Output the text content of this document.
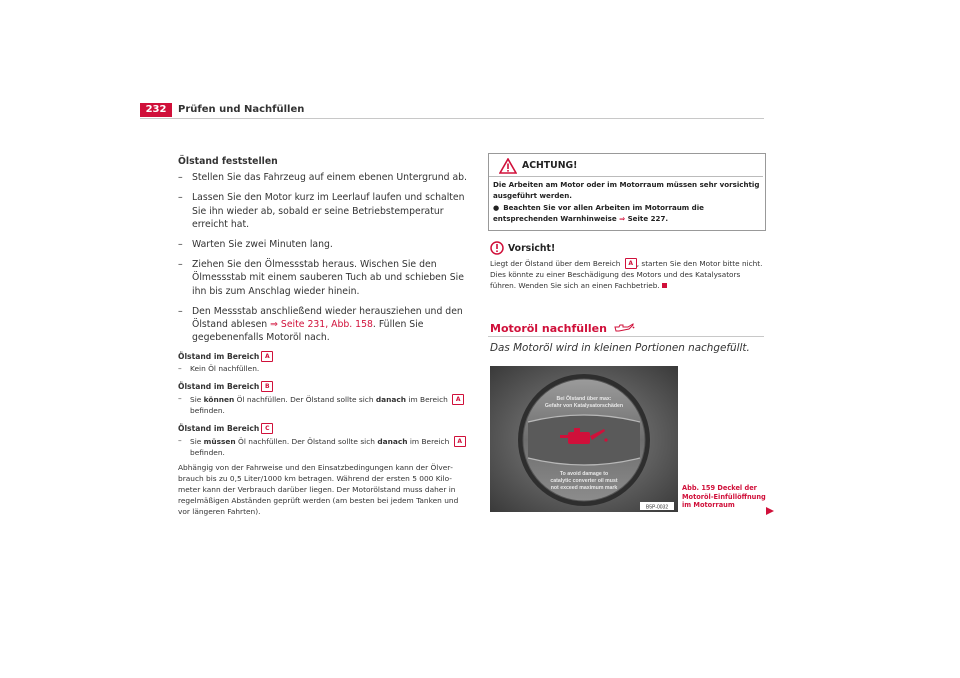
232	Prüfen und Nachfüllen
Ölstand feststellen
– Stellen Sie das Fahrzeug auf einem ebenen Untergrund ab.
– Lassen Sie den Motor kurz im Leerlauf laufen und schalten Sie ihn wieder ab, sobald er seine Betriebstemperatur erreicht hat.
– Warten Sie zwei Minuten lang.
– Ziehen Sie den Ölmessstab heraus. Wischen Sie den Ölmessstab mit einem sauberen Tuch ab und schieben Sie ihn bis zum Anschlag wieder hinein.
– Den Messstab anschließend wieder herausziehen und den Ölstand ablesen ⇒ Seite 231, Abb. 158. Füllen Sie gegebenenfalls Motoröl nach.
Ölstand im Bereich A
– Kein Öl nachfüllen.
Ölstand im Bereich B
– Sie können Öl nachfüllen. Der Ölstand sollte sich danach im Bereich A befinden.
Ölstand im Bereich C
– Sie müssen Öl nachfüllen. Der Ölstand sollte sich danach im Bereich A befinden.
Abhängig von der Fahrweise und den Einsatzbedingungen kann der Ölverbrauch bis zu 0,5 Liter/1000 km betragen. Während der ersten 5 000 Kilometer kann der Verbrauch darüber liegen. Der Motorölstand muss daher in regelmäßigen Abständen geprüft werden (am besten bei jedem Tanken und vor längeren Fahrten).
ACHTUNG!
Die Arbeiten am Motor oder im Motorraum müssen sehr vorsichtig ausgeführt werden.
● Beachten Sie vor allen Arbeiten im Motorraum die entsprechenden Warnhinweise ⇒ Seite 227.
Vorsicht!
Liegt der Ölstand über dem Bereich A , starten Sie den Motor bitte nicht. Dies könnte zu einer Beschädigung des Motors und des Katalysators führen. Wenden Sie sich an einen Fachbetrieb.
Motoröl nachfüllen
Das Motoröl wird in kleinen Portionen nachgefüllt.
Bei Ölstand über max:
Gefahr von Katalysatorschäden
To avoid damage to
catalytic converter oil must
not exceed maximum mark
B5P-0032
Abb. 159 Deckel der Motoröl-Einfüllöffnung im Motorraum
